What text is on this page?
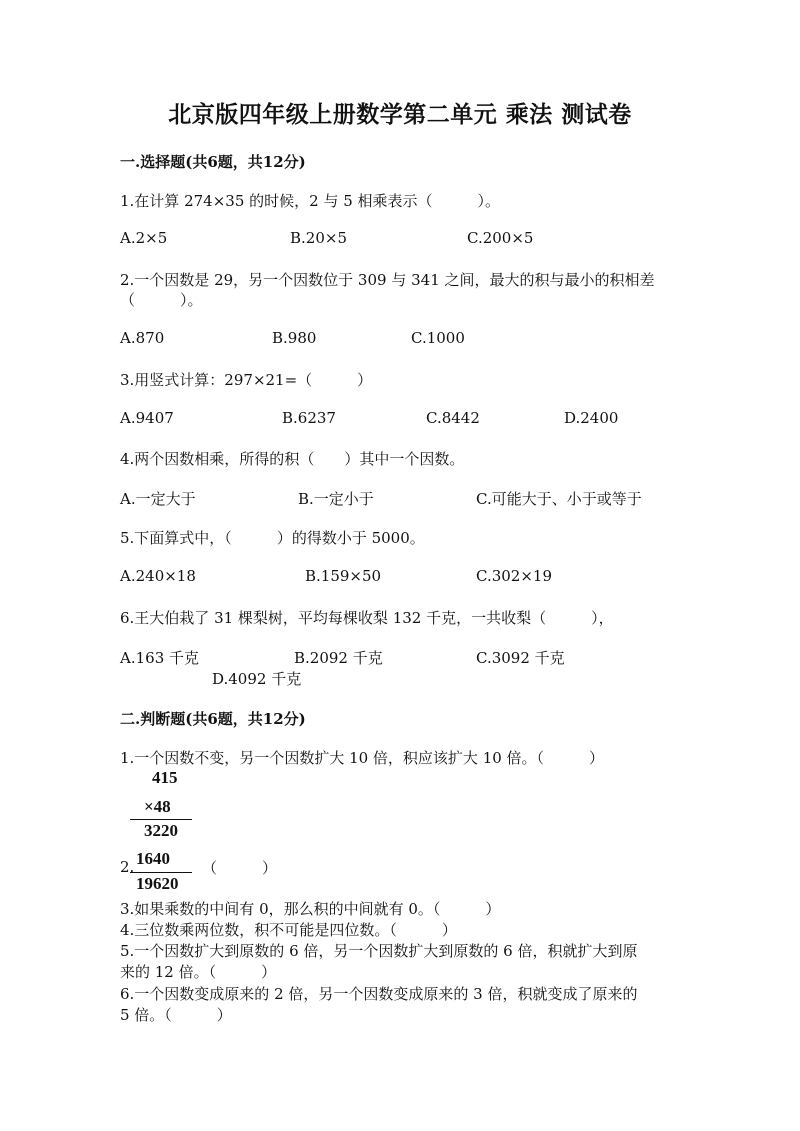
北京版四年级上册数学第二单元 乘法 测试卷
一.选择题(共6题，共12分)
1.在计算 274×35 的时候，2 与 5 相乘表示（　　　）。
A.2×5	B.20×5	C.200×5
2.一个因数是 29，另一个因数位于 309 与 341 之间，最大的积与最小的积相差
（　　　）。
A.870	B.980	C.1000
3.用竖式计算：297×21=（　　　）
A.9407	B.6237	C.8442	D.2400
4.两个因数相乘，所得的积（　　）其中一个因数。
A.一定大于	B.一定小于	C.可能大于、小于或等于
5.下面算式中，（　　　）的得数小于 5000。
A.240×18	B.159×50	C.302×19
6.王大伯栽了 31 棵梨树，平均每棵收梨 132 千克，一共收梨（　　　），
A.163 千克	B.2092 千克	C.3092 千克
D.4092 千克
二.判断题(共6题，共12分)
1.一个因数不变，另一个因数扩大 10 倍，积应该扩大 10 倍。（　　　）
415
×48
3220
1640
19620
2.	（　　　）
3.如果乘数的中间有 0，那么积的中间就有 0。（　　　）
4.三位数乘两位数，积不可能是四位数。（　　　）
5.一个因数扩大到原数的 6 倍，另一个因数扩大到原数的 6 倍，积就扩大到原
来的 12 倍。（　　　）
6.一个因数变成原来的 2 倍，另一个因数变成原来的 3 倍，积就变成了原来的
5 倍。（　　　）
